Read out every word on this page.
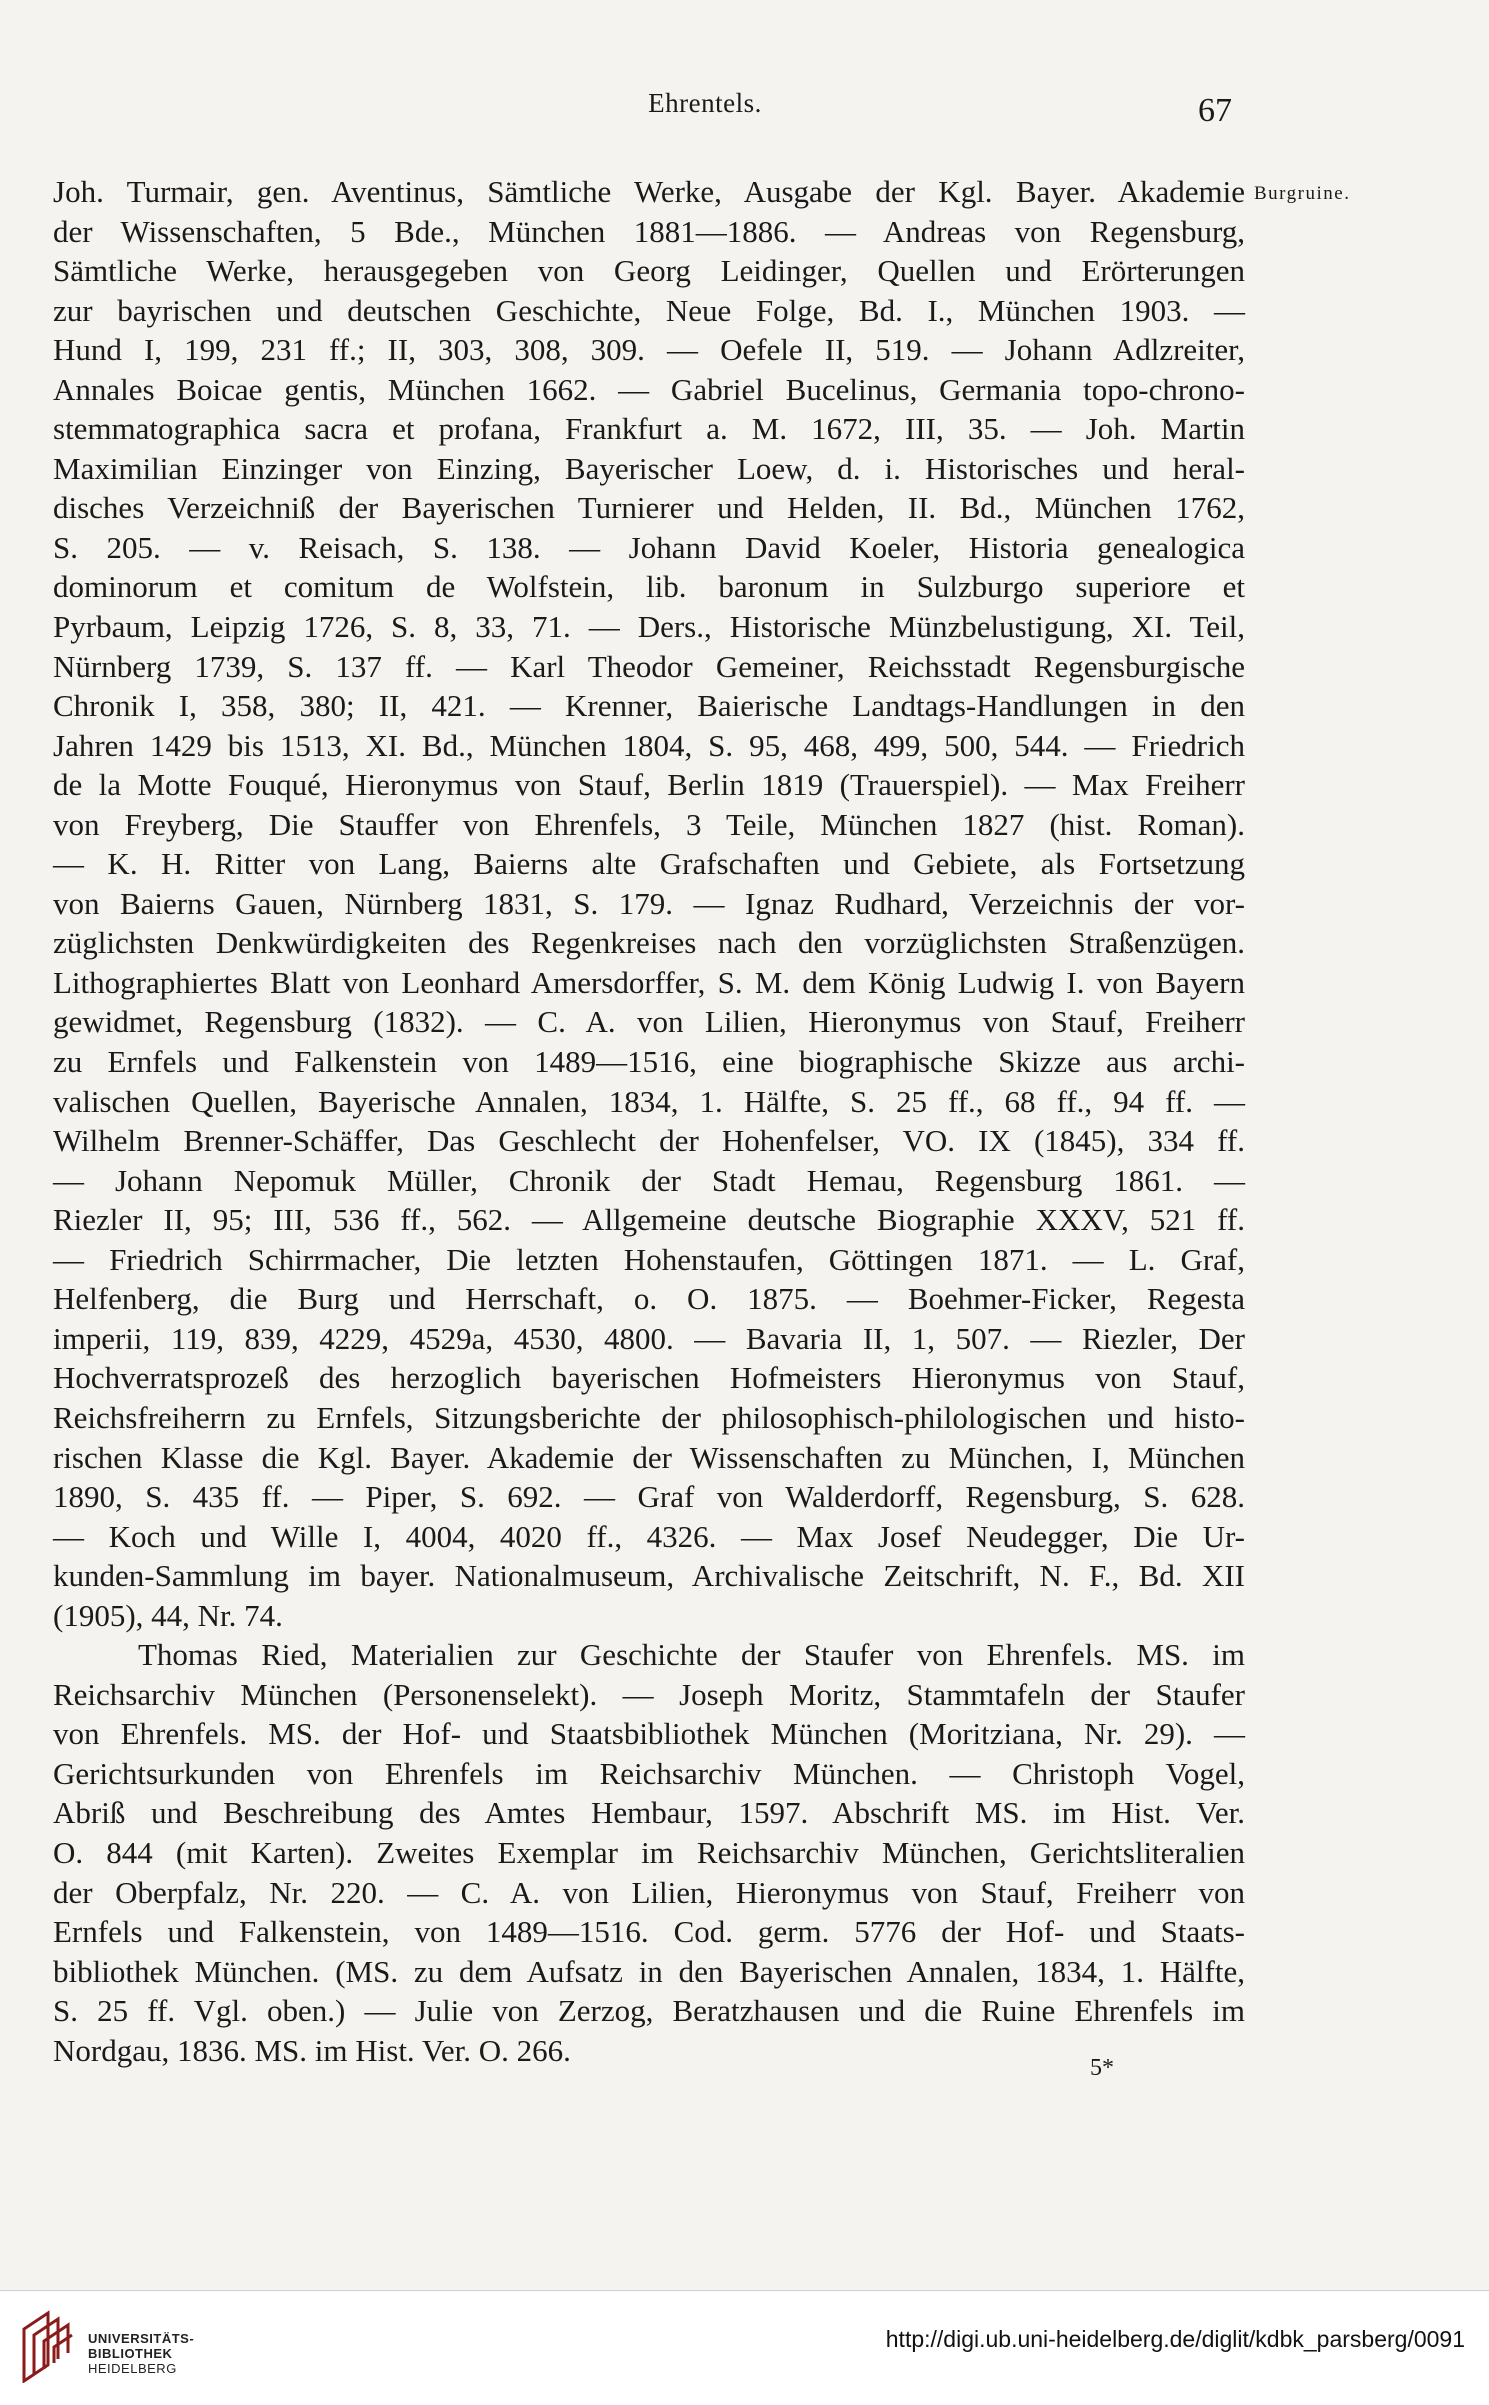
Ehrentels.	67
Burgruine.
Joh. Turmair, gen. Aventinus, Sämtliche Werke, Ausgabe der Kgl. Bayer. Akademie
der Wissenschaften, 5 Bde., München 1881—1886. — Andreas von Regensburg,
Sämtliche Werke, herausgegeben von Georg Leidinger, Quellen und Erörterungen
zur bayrischen und deutschen Geschichte, Neue Folge, Bd. I., München 1903. —
Hund I, 199, 231 ff.; II, 303, 308, 309. — Oefele II, 519. — Johann Adlzreiter,
Annales Boicae gentis, München 1662. — Gabriel Bucelinus, Germania topo-chrono-
stemmatographica sacra et profana, Frankfurt a. M. 1672, III, 35. — Joh. Martin
Maximilian Einzinger von Einzing, Bayerischer Loew, d. i. Historisches und heral-
disches Verzeichniß der Bayerischen Turnierer und Helden, II. Bd., München 1762,
S. 205. — v. Reisach, S. 138. — Johann David Koeler, Historia genealogica
dominorum et comitum de Wolfstein, lib. baronum in Sulzburgo superiore et
Pyrbaum, Leipzig 1726, S. 8, 33, 71. — Ders., Historische Münzbelustigung, XI. Teil,
Nürnberg 1739, S. 137 ff. — Karl Theodor Gemeiner, Reichsstadt Regensburgische
Chronik I, 358, 380; II, 421. — Krenner, Baierische Landtags-Handlungen in den
Jahren 1429 bis 1513, XI. Bd., München 1804, S. 95, 468, 499, 500, 544. — Friedrich
de la Motte Fouqué, Hieronymus von Stauf, Berlin 1819 (Trauerspiel). — Max Freiherr
von Freyberg, Die Stauffer von Ehrenfels, 3 Teile, München 1827 (hist. Roman).
— K. H. Ritter von Lang, Baierns alte Grafschaften und Gebiete, als Fortsetzung
von Baierns Gauen, Nürnberg 1831, S. 179. — Ignaz Rudhard, Verzeichnis der vor-
züglichsten Denkwürdigkeiten des Regenkreises nach den vorzüglichsten Straßenzügen.
Lithographiertes Blatt von Leonhard Amersdorffer, S. M. dem König Ludwig I. von Bayern
gewidmet, Regensburg (1832). — C. A. von Lilien, Hieronymus von Stauf, Freiherr
zu Ernfels und Falkenstein von 1489—1516, eine biographische Skizze aus archi-
valischen Quellen, Bayerische Annalen, 1834, 1. Hälfte, S. 25 ff., 68 ff., 94 ff. —
Wilhelm Brenner-Schäffer, Das Geschlecht der Hohenfelser, VO. IX (1845), 334 ff.
— Johann Nepomuk Müller, Chronik der Stadt Hemau, Regensburg 1861. —
Riezler II, 95; III, 536 ff., 562. — Allgemeine deutsche Biographie XXXV, 521 ff.
— Friedrich Schirrmacher, Die letzten Hohenstaufen, Göttingen 1871. — L. Graf,
Helfenberg, die Burg und Herrschaft, o. O. 1875. — Boehmer-Ficker, Regesta
imperii, 119, 839, 4229, 4529a, 4530, 4800. — Bavaria II, 1, 507. — Riezler, Der
Hochverratsprozeß des herzoglich bayerischen Hofmeisters Hieronymus von Stauf,
Reichsfreiherrn zu Ernfels, Sitzungsberichte der philosophisch-philologischen und histo-
rischen Klasse die Kgl. Bayer. Akademie der Wissenschaften zu München, I, München
1890, S. 435 ff. — Piper, S. 692. — Graf von Walderdorff, Regensburg, S. 628.
— Koch und Wille I, 4004, 4020 ff., 4326. — Max Josef Neudegger, Die Ur-
kunden-Sammlung im bayer. Nationalmuseum, Archivalische Zeitschrift, N. F., Bd. XII
(1905), 44, Nr. 74.
Thomas Ried, Materialien zur Geschichte der Staufer von Ehrenfels. MS. im
Reichsarchiv München (Personenselekt). — Joseph Moritz, Stammtafeln der Staufer
von Ehrenfels. MS. der Hof- und Staatsbibliothek München (Moritziana, Nr. 29). —
Gerichtsurkunden von Ehrenfels im Reichsarchiv München. — Christoph Vogel,
Abriß und Beschreibung des Amtes Hembaur, 1597. Abschrift MS. im Hist. Ver.
O. 844 (mit Karten). Zweites Exemplar im Reichsarchiv München, Gerichtsliteralien
der Oberpfalz, Nr. 220. — C. A. von Lilien, Hieronymus von Stauf, Freiherr von
Ernfels und Falkenstein, von 1489—1516. Cod. germ. 5776 der Hof- und Staats-
bibliothek München. (MS. zu dem Aufsatz in den Bayerischen Annalen, 1834, 1. Hälfte,
S. 25 ff. Vgl. oben.) — Julie von Zerzog, Beratzhausen und die Ruine Ehrenfels im
Nordgau, 1836. MS. im Hist. Ver. O. 266.
5*
UNIVERSITÄTS-
BIBLIOTHEK
HEIDELBERG
http://digi.ub.uni-heidelberg.de/diglit/kdbk_parsberg/0091
